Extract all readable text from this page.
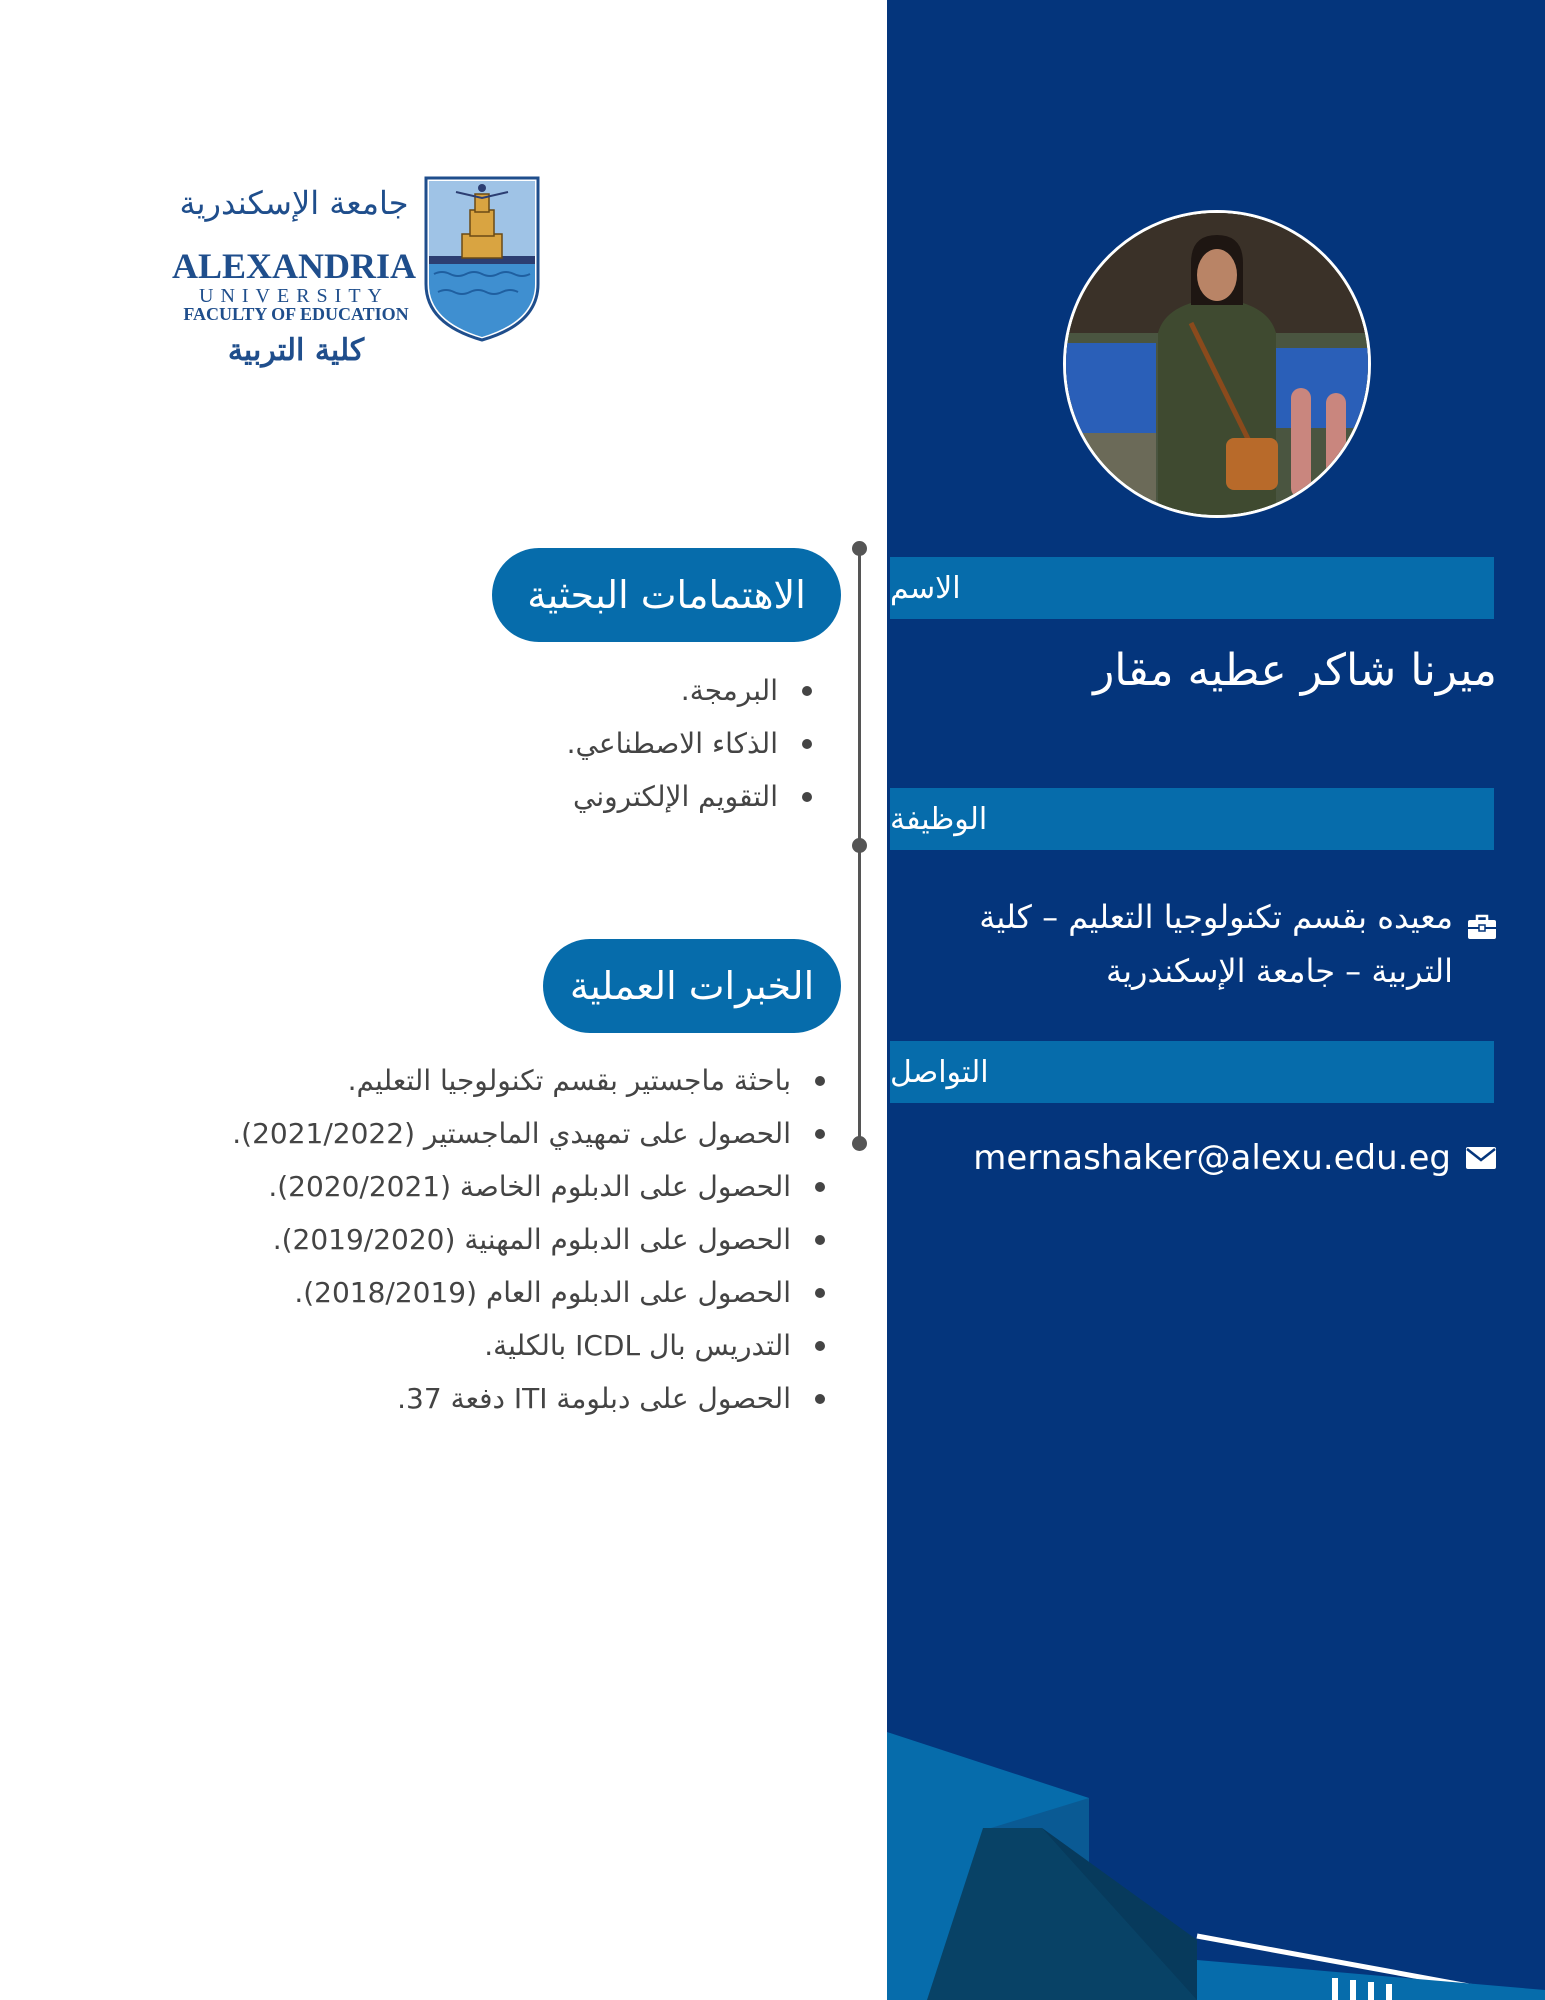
جامعة الإسكندرية
ALEXANDRIA
UNIVERSITY
FACULTY OF EDUCATION
كلية التربية
الاهتمامات البحثية
البرمجة.
الذكاء الاصطناعي.
التقويم الإلكتروني
الخبرات العملية
باحثة ماجستير بقسم تكنولوجيا التعليم.
الحصول على تمهيدي الماجستير (2021/2022).
الحصول على الدبلوم الخاصة (2020/2021).
الحصول على الدبلوم المهنية (2019/2020).
الحصول على الدبلوم العام (2018/2019).
التدريس بال ICDL بالكلية.
الحصول على دبلومة ITI دفعة 37.
الاسم
ميرنا شاكر عطيه مقار
الوظيفة
معيده بقسم تكنولوجيا التعليم – كلية التربية – جامعة الإسكندرية
التواصل
mernashaker@alexu.edu.eg
